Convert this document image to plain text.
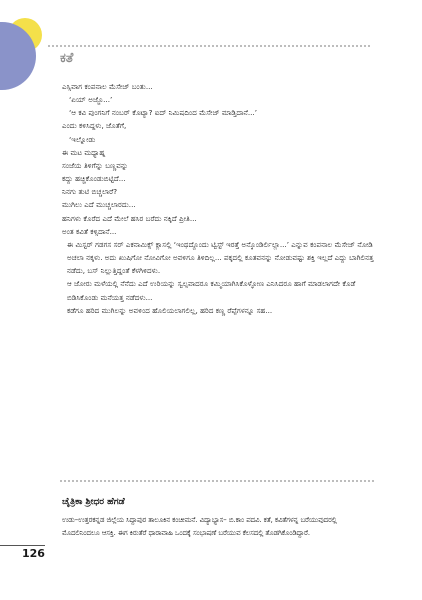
ಕತೆ
ಎಸ್ಸಿವಾಗ ಕಂಪನಾಲ ಮೆಸೇಜ್ ಬಂತು...
‘ಏಯ್ ಅಜ್ಜೊ...’
‘ಆ ಕವಿ ಪುಂಗನಿಗೆ ನಂಬರ್ ಕೊಟ್ಯಾ? ಐದ್ ನಿಮಿಷದಿಂದ ಮೆಸೇಜ್ ಮಾಡ್ತಿದಾನೆ...’
ಎಂದು ಕಳಿಸಿದ್ದಳು, ಜೊತೆಗೆ,
‘ಇಲ್ನೋಡು
ಈ ಮಟ ಮಧ್ಯಾಹ್ನ
ಸಂಜೆಯ ತಿಳಿಗೆನ್ನು ಬಣ್ಣವನ್ನು
ಕದ್ದು ಹಚ್ಚಿಕೊಂಡುಬಿಟ್ಟಿದೆ...
ನಿನಗು ತುಟಿ ಬಿಚ್ಚಲಾರೆ?
ಮುಗಿಲು ಎದೆ ಮುಚ್ಚಲಾರದು...
ಹನಿಗಳು ಕೊರೆದ ಎದೆ ಮೇಲೆ ಹಸಿರ ಬರೆದು ನಕ್ಕಿದೆ ಪ್ರೀತಿ...
ಅಂತ ಕವಿತೆ ಕಳ್ಸಿದಾನೆ...
ಈ ಮಿಸ್ಟರ್ ಗಡಗಸ ಸರ್ ಎಕನಾಮಿಕ್ಸ್ ಕ್ಲಾಸಲ್ಲಿ ‘ಇಂಥದ್ದೊಂದು ಟ್ವಿಸ್ಟ್ ಇರತ್ತೆ ಅನ್ಕೊಂಡಿರ್ಲಿಲ್ಲಾ...’ ಎನ್ನುವ ಕಂಪನಾಲ ಮೆಸೇಜ್ ನೋಡಿ ಅಚಲಾ ನಕ್ಕಳು. ಅದು ಖುಷಿಗೋ ನೋವಿಗೋ ಅವಳಿಗೂ ತಿಳಿದಿಲ್ಲ... ಪಕ್ಕದಲ್ಲಿ ಕೂತವನನ್ನು ನೋಡುವಷ್ಟು ಶಕ್ತಿ ಇಲ್ಲದೆ ಎದ್ದು ಬಾಗಿಲಿನತ್ತ ನಡೆದು, ಬಸ್ ನಿಲ್ಲುತ್ತಿದ್ದಂತೆ ಕೆಳಗಿಳಿದಳು.
ಆ ಜೋರು ಮಳೆಯಲ್ಲಿ ನೆನೆದು ಎದೆ ಉರಿಯನ್ನು ಸ್ವಲ್ಪವಾದರೂ ಕಮ್ಮಿಯಾಗಿಸಿಕೊಳ್ಳೋಣ ಎನಿಸಿದರೂ ಹಾಗೆ ಮಾಡಲಾಗದೇ ಕೊಡೆ ಬಿಡಿಸಿಕೊಂಡು ಮನೆಯತ್ತ ನಡೆದಳು...
ಕಡೆಗೂ ಹರಿದ ಮುಗಿಲನ್ನು ಅವಳಿಂದ ಹೊಲಿಯಲಾಗಲಿಲ್ಲ, ಹರಿದ ಕಣ್ಣ ರೆಪ್ಪೆಗಳನ್ನೂ ಸಹ...
ಚೈತ್ರಿಕಾ ಶ್ರೀಧರ ಹೆಗಡೆ
ಉಡು–ಉತ್ತರಕನ್ನಡ ಜಿಲ್ಲೆಯ ಸಿದ್ದಾಪುರ ತಾಲೂಕಿನ ಕಂಚೀಮನೆ. ವಿದ್ಯಾಭ್ಯಾಸ– ಬಿ.ಕಾಂ ಪದವಿ. ಕತೆ, ಕವಿತೆಗಳನ್ನ ಬರೆಯುವುದರಲ್ಲಿ ಮೊದಲಿನಿಂದಲೂ ಆಸಕ್ತಿ. ಈಗ ಕಿರುತೆರೆ ಧಾರಾವಾಹಿ ಒಂದಕ್ಕೆ ಸಂಭಾಷಣೆ ಬರೆಯುವ ಕೆಲಸದಲ್ಲಿ ತೊಡಗಿಕೊಂಡಿದ್ದಾರೆ.
126
